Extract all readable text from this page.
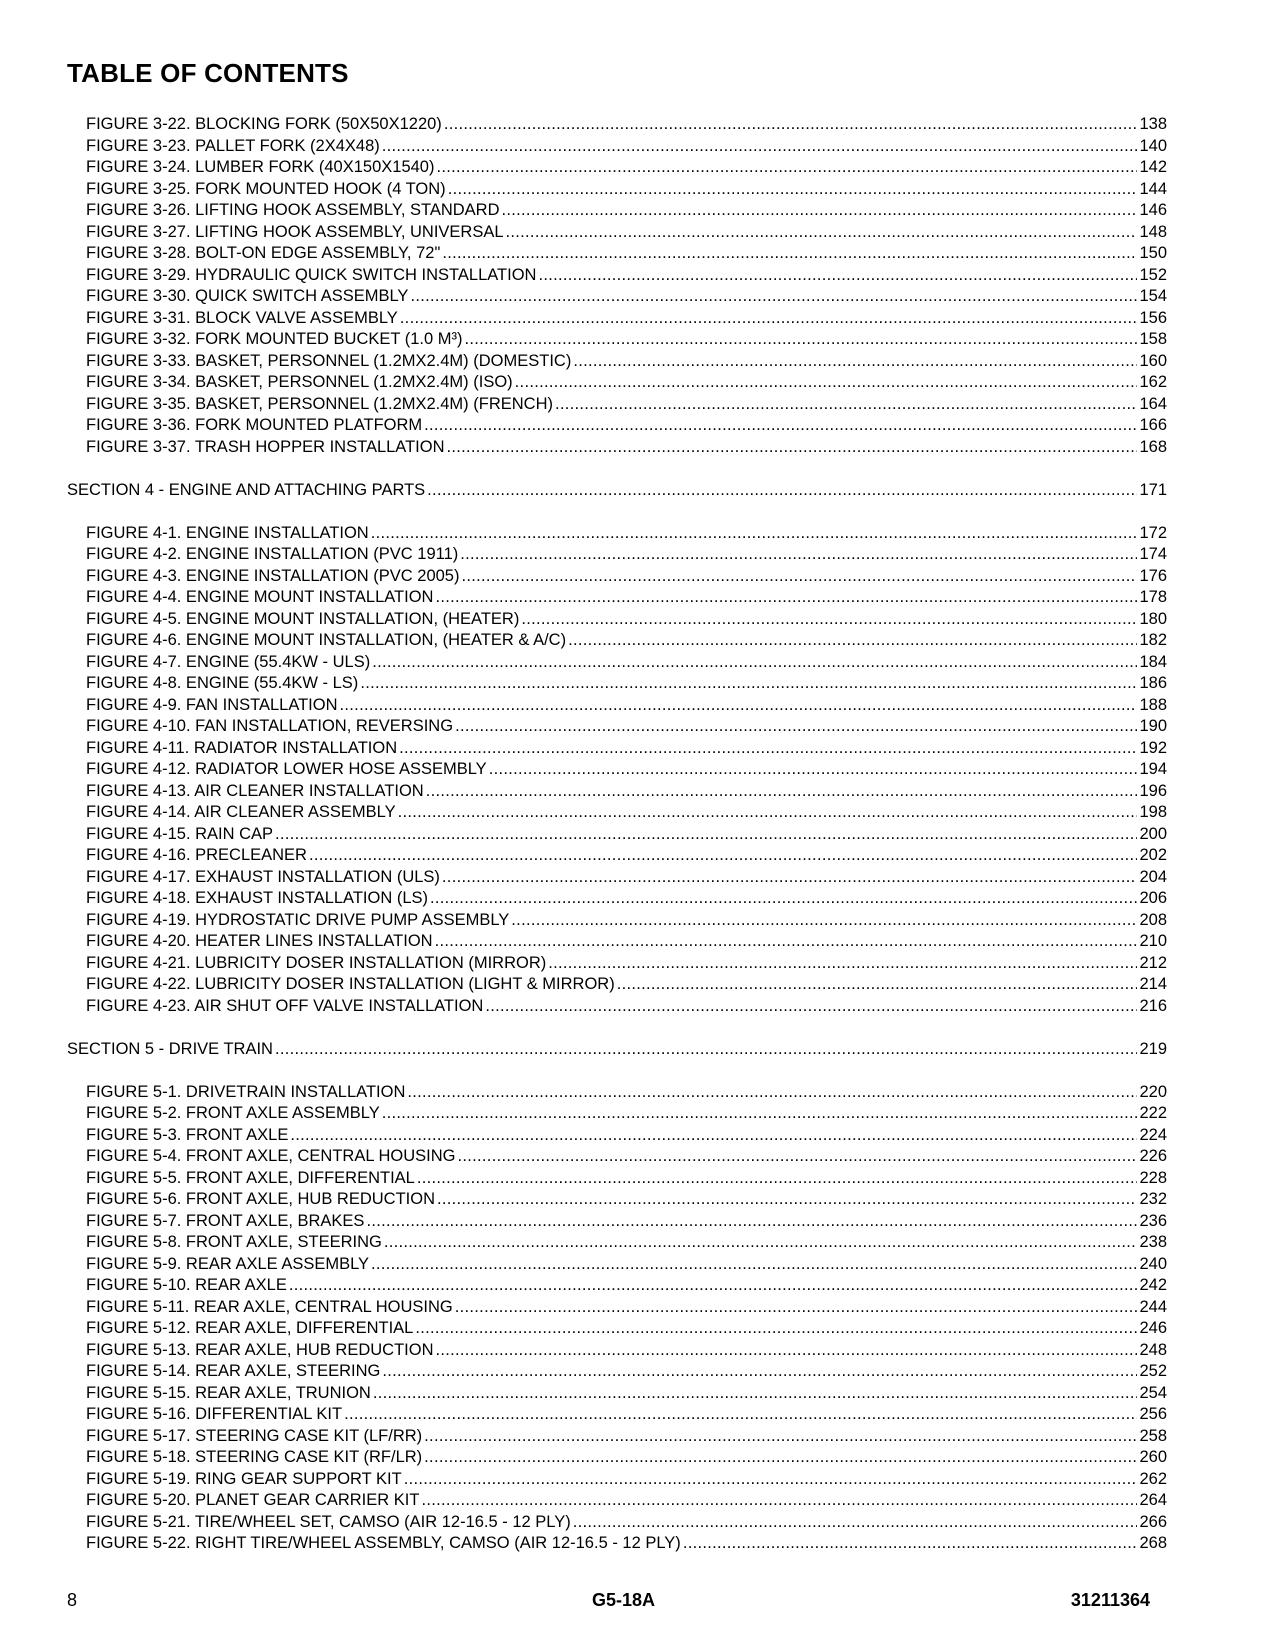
TABLE OF CONTENTS
FIGURE 3-22. BLOCKING FORK (50X50X1220) .....	138
FIGURE 3-23. PALLET FORK (2X4X48) .....	140
FIGURE 3-24. LUMBER FORK (40X150X1540) .....	142
FIGURE 3-25. FORK MOUNTED HOOK (4 TON) .....	144
FIGURE 3-26. LIFTING HOOK ASSEMBLY, STANDARD .....	146
FIGURE 3-27. LIFTING HOOK ASSEMBLY, UNIVERSAL .....	148
FIGURE 3-28. BOLT-ON EDGE ASSEMBLY, 72" .....	150
FIGURE 3-29. HYDRAULIC QUICK SWITCH INSTALLATION .....	152
FIGURE 3-30. QUICK SWITCH ASSEMBLY .....	154
FIGURE 3-31. BLOCK VALVE ASSEMBLY .....	156
FIGURE 3-32. FORK MOUNTED BUCKET (1.0 M³) .....	158
FIGURE 3-33. BASKET, PERSONNEL (1.2MX2.4M) (DOMESTIC) .....	160
FIGURE 3-34. BASKET, PERSONNEL (1.2MX2.4M) (ISO) .....	162
FIGURE 3-35. BASKET, PERSONNEL (1.2MX2.4M) (FRENCH) .....	164
FIGURE 3-36. FORK MOUNTED PLATFORM .....	166
FIGURE 3-37. TRASH HOPPER INSTALLATION .....	168
SECTION 4 - ENGINE AND ATTACHING PARTS .....	171
FIGURE 4-1. ENGINE INSTALLATION .....	172
FIGURE 4-2. ENGINE INSTALLATION (PVC 1911) .....	174
FIGURE 4-3. ENGINE INSTALLATION (PVC 2005) .....	176
FIGURE 4-4. ENGINE MOUNT INSTALLATION .....	178
FIGURE 4-5. ENGINE MOUNT INSTALLATION, (HEATER) .....	180
FIGURE 4-6. ENGINE MOUNT INSTALLATION, (HEATER & A/C) .....	182
FIGURE 4-7. ENGINE (55.4KW - ULS) .....	184
FIGURE 4-8. ENGINE (55.4KW - LS) .....	186
FIGURE 4-9. FAN INSTALLATION .....	188
FIGURE 4-10. FAN INSTALLATION, REVERSING .....	190
FIGURE 4-11. RADIATOR INSTALLATION .....	192
FIGURE 4-12. RADIATOR LOWER HOSE ASSEMBLY .....	194
FIGURE 4-13. AIR CLEANER INSTALLATION .....	196
FIGURE 4-14. AIR CLEANER ASSEMBLY .....	198
FIGURE 4-15. RAIN CAP .....	200
FIGURE 4-16. PRECLEANER .....	202
FIGURE 4-17. EXHAUST INSTALLATION (ULS) .....	204
FIGURE 4-18. EXHAUST INSTALLATION (LS) .....	206
FIGURE 4-19. HYDROSTATIC DRIVE PUMP ASSEMBLY .....	208
FIGURE 4-20. HEATER LINES INSTALLATION .....	210
FIGURE 4-21. LUBRICITY DOSER INSTALLATION (MIRROR) .....	212
FIGURE 4-22. LUBRICITY DOSER INSTALLATION (LIGHT & MIRROR) .....	214
FIGURE 4-23. AIR SHUT OFF VALVE INSTALLATION .....	216
SECTION 5 - DRIVE TRAIN .....	219
FIGURE 5-1. DRIVETRAIN INSTALLATION .....	220
FIGURE 5-2. FRONT AXLE ASSEMBLY .....	222
FIGURE 5-3. FRONT AXLE .....	224
FIGURE 5-4. FRONT AXLE, CENTRAL HOUSING .....	226
FIGURE 5-5. FRONT AXLE, DIFFERENTIAL .....	228
FIGURE 5-6. FRONT AXLE, HUB REDUCTION .....	232
FIGURE 5-7. FRONT AXLE, BRAKES .....	236
FIGURE 5-8. FRONT AXLE, STEERING .....	238
FIGURE 5-9. REAR AXLE ASSEMBLY .....	240
FIGURE 5-10. REAR AXLE .....	242
FIGURE 5-11. REAR AXLE, CENTRAL HOUSING .....	244
FIGURE 5-12. REAR AXLE, DIFFERENTIAL .....	246
FIGURE 5-13. REAR AXLE, HUB REDUCTION .....	248
FIGURE 5-14. REAR AXLE, STEERING .....	252
FIGURE 5-15. REAR AXLE, TRUNION .....	254
FIGURE 5-16. DIFFERENTIAL KIT .....	256
FIGURE 5-17. STEERING CASE KIT (LF/RR) .....	258
FIGURE 5-18. STEERING CASE KIT (RF/LR) .....	260
FIGURE 5-19. RING GEAR SUPPORT KIT .....	262
FIGURE 5-20. PLANET GEAR CARRIER KIT .....	264
FIGURE 5-21. TIRE/WHEEL SET, CAMSO (AIR 12-16.5 - 12 PLY) .....	266
FIGURE 5-22. RIGHT TIRE/WHEEL ASSEMBLY, CAMSO (AIR 12-16.5 - 12 PLY) .....	268
8	G5-18A	31211364
